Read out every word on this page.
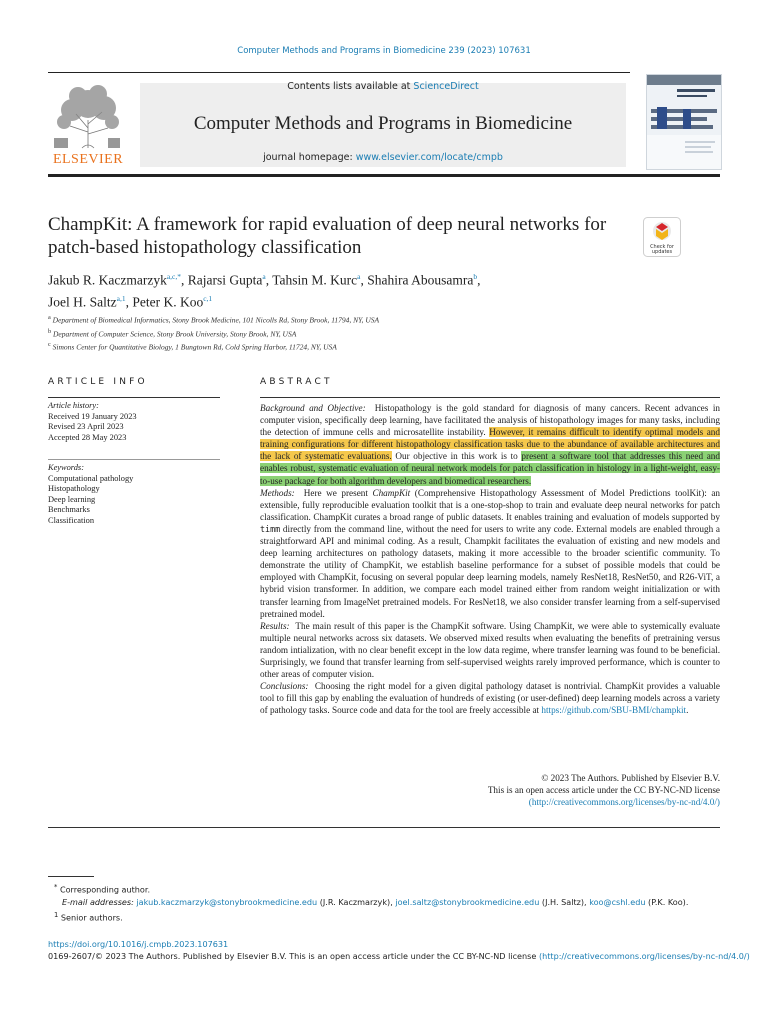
Computer Methods and Programs in Biomedicine 239 (2023) 107631
ELSEVIER
Contents lists available at ScienceDirect
Computer Methods and Programs in Biomedicine
journal homepage: www.elsevier.com/locate/cmpb
ChampKit: A framework for rapid evaluation of deep neural networks for patch-based histopathology classification	Check for
updates
Jakub R. Kaczmarzyk$^{a,c,*}$, Rajarsi Gupta$^a$, Tahsin M. Kurc$^a$, Shahira Abousamra$^b$,
Joel H. Saltz$^{a,1}$, Peter K. Koo$^{c,1}$
$^a$ Department of Biomedical Informatics, Stony Brook Medicine, 101 Nicolls Rd, Stony Brook, 11794, NY, USA
$^b$ Department of Computer Science, Stony Brook University, Stony Brook, NY, USA
$^c$ Simons Center for Quantitative Biology, 1 Bungtown Rd, Cold Spring Harbor, 11724, NY, USA
ARTICLE INFO
Article history:
Received 19 January 2023
Revised 23 April 2023
Accepted 28 May 2023
Keywords:
Computational pathology
Histopathology
Deep learning
Benchmarks
Classification
ABSTRACT

Background and Objective: Histopathology is the gold standard for diagnosis of many cancers. Recent advances in computer vision, specifically deep learning, have facilitated the analysis of histopathology images for many tasks, including the detection of immune cells and microsatellite instability. However, it remains difficult to identify optimal models and training configurations for different histopathology classification tasks due to the abundance of available architectures and the lack of systematic evaluations. Our objective in this work is to present a software tool that addresses this need and enables robust, systematic evaluation of neural network models for patch classification in histology in a light-weight, easy-to-use package for both algorithm developers and biomedical researchers.

Methods: Here we present ChampKit (Comprehensive Histopathology Assessment of Model Predictions toolKit): an extensible, fully reproducible evaluation toolkit that is a one-stop-shop to train and evaluate deep neural networks for patch classification. ChampKit curates a broad range of public datasets. It enables training and evaluation of models supported by timm directly from the command line, without the need for users to write any code. External models are enabled through a straightforward API and minimal coding. As a result, Champkit facilitates the evaluation of existing and new models and deep learning architectures on pathology datasets, making it more accessible to the broader scientific community. To demonstrate the utility of ChampKit, we establish baseline performance for a subset of possible models that could be employed with ChampKit, focusing on several popular deep learning models, namely ResNet18, ResNet50, and R26-ViT, a hybrid vision transformer. In addition, we compare each model trained either from random weight initialization or with transfer learning from ImageNet pretrained models. For ResNet18, we also consider transfer learning from a self-supervised pretrained model.

Results: The main result of this paper is the ChampKit software. Using ChampKit, we were able to systemically evaluate multiple neural networks across six datasets. We observed mixed results when evaluating the benefits of pretraining versus random intialization, with no clear benefit except in the low data regime, where transfer learning was found to be beneficial. Surprisingly, we found that transfer learning from self-supervised weights rarely improved performance, which is counter to other areas of computer vision.

Conclusions: Choosing the right model for a given digital pathology dataset is nontrivial. ChampKit provides a valuable tool to fill this gap by enabling the evaluation of hundreds of existing (or user-defined) deep learning models across a variety of pathology tasks. Source code and data for the tool are freely accessible at https://github.com/SBU-BMI/champkit.

© 2023 The Authors. Published by Elsevier B.V.
This is an open access article under the CC BY-NC-ND license
(http://creativecommons.org/licenses/by-nc-nd/4.0/)
* Corresponding author.
E-mail addresses: jakub.kaczmarzyk@stonybrookmedicine.edu (J.R. Kaczmarzyk), joel.saltz@stonybrookmedicine.edu (J.H. Saltz), koo@cshl.edu (P.K. Koo).
$^1$ Senior authors.
https://doi.org/10.1016/j.cmpb.2023.107631
0169-2607/© 2023 The Authors. Published by Elsevier B.V. This is an open access article under the CC BY-NC-ND license (http://creativecommons.org/licenses/by-nc-nd/4.0/)
